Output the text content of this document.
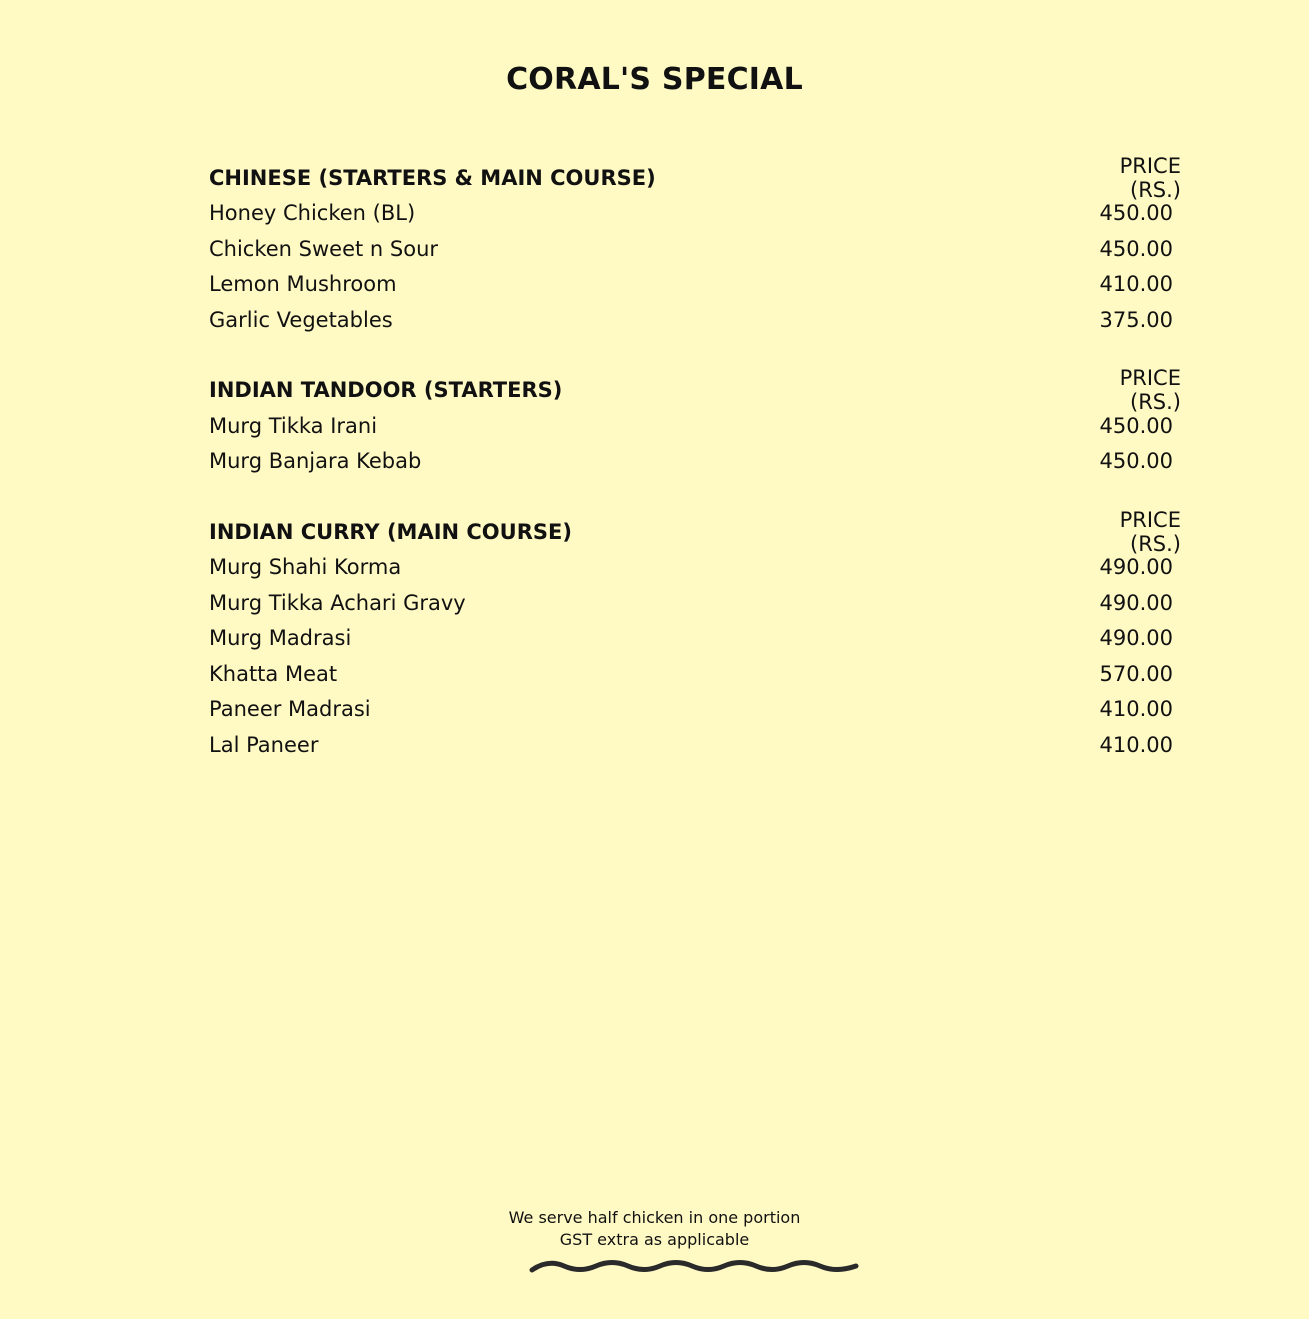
CORAL'S SPECIAL
CHINESE (STARTERS & MAIN COURSE)	PRICE (RS.)
Honey Chicken (BL)	450.00
Chicken Sweet n Sour	450.00
Lemon Mushroom	410.00
Garlic Vegetables	375.00
INDIAN TANDOOR (STARTERS)	PRICE (RS.)
Murg Tikka Irani	450.00
Murg Banjara Kebab	450.00
INDIAN CURRY (MAIN COURSE)	PRICE (RS.)
Murg Shahi Korma	490.00
Murg Tikka Achari Gravy	490.00
Murg Madrasi	490.00
Khatta Meat	570.00
Paneer Madrasi	410.00
Lal Paneer	410.00
We serve half chicken in one portion
GST extra as applicable
